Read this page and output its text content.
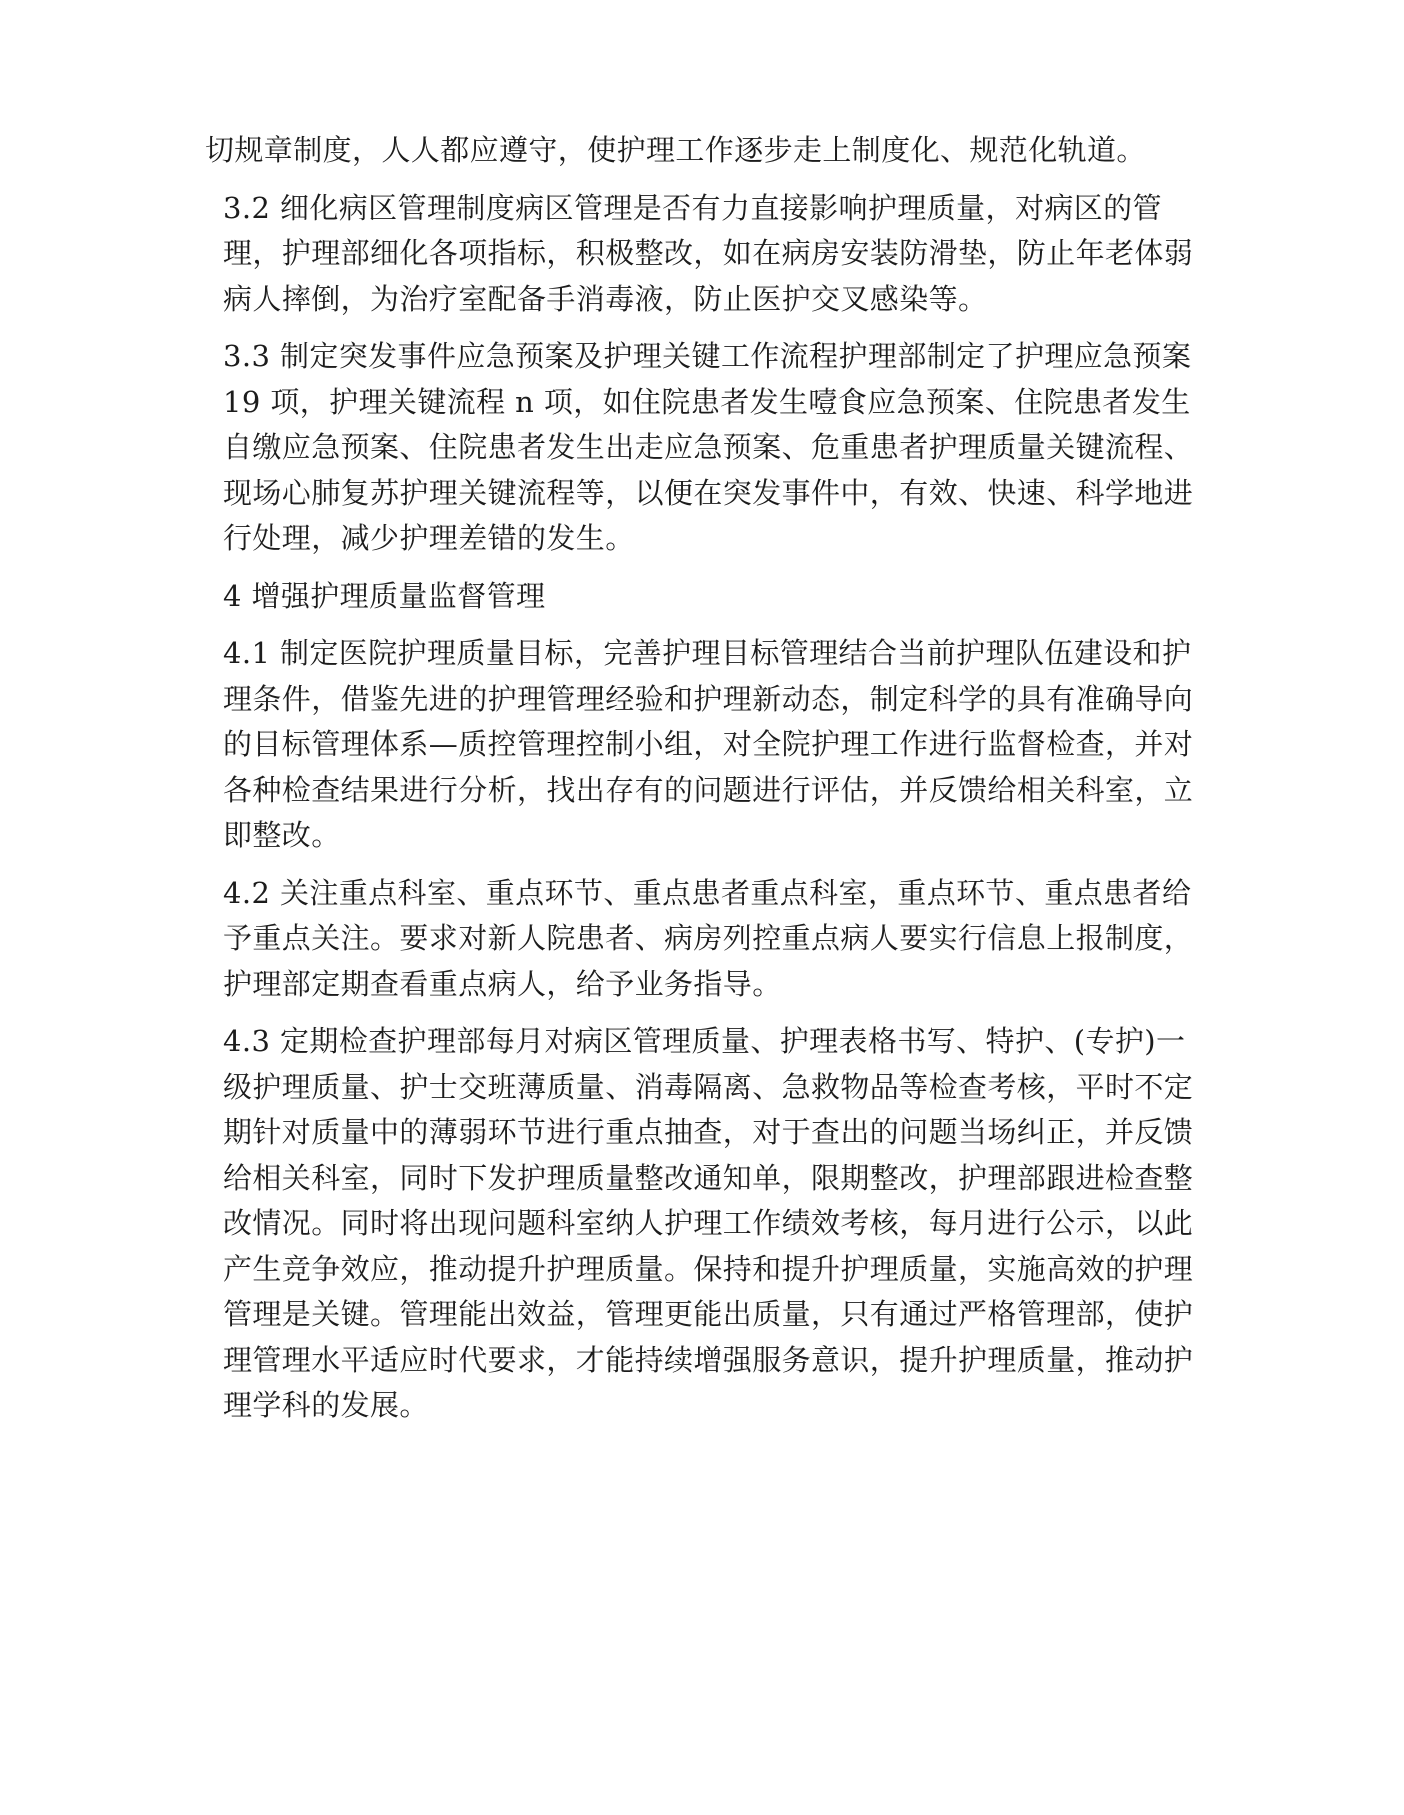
切规章制度，人人都应遵守，使护理工作逐步走上制度化、规范化轨道。

3.2 细化病区管理制度病区管理是否有力直接影响护理质量，对病区的管理，护理部细化各项指标，积极整改，如在病房安装防滑垫，防止年老体弱病人摔倒，为治疗室配备手消毒液，防止医护交叉感染等。

3.3 制定突发事件应急预案及护理关键工作流程护理部制定了护理应急预案 19 项，护理关键流程 n 项，如住院患者发生噎食应急预案、住院患者发生自缴应急预案、住院患者发生出走应急预案、危重患者护理质量关键流程、现场心肺复苏护理关键流程等，以便在突发事件中，有效、快速、科学地进行处理，减少护理差错的发生。

4 增强护理质量监督管理

4.1 制定医院护理质量目标，完善护理目标管理结合当前护理队伍建设和护理条件，借鉴先进的护理管理经验和护理新动态，制定科学的具有准确导向的目标管理体系—质控管理控制小组，对全院护理工作进行监督检查，并对各种检查结果进行分析，找出存有的问题进行评估，并反馈给相关科室，立即整改。

4.2 关注重点科室、重点环节、重点患者重点科室，重点环节、重点患者给予重点关注。要求对新人院患者、病房列控重点病人要实行信息上报制度，护理部定期查看重点病人，给予业务指导。

4.3 定期检查护理部每月对病区管理质量、护理表格书写、特护、(专护)一级护理质量、护士交班薄质量、消毒隔离、急救物品等检查考核，平时不定期针对质量中的薄弱环节进行重点抽查，对于查出的问题当场纠正，并反馈给相关科室，同时下发护理质量整改通知单，限期整改，护理部跟进检查整改情况。同时将出现问题科室纳人护理工作绩效考核，每月进行公示，以此产生竞争效应，推动提升护理质量。保持和提升护理质量，实施高效的护理管理是关键。管理能出效益，管理更能出质量，只有通过严格管理部，使护理管理水平适应时代要求，才能持续增强服务意识，提升护理质量，推动护理学科的发展。
